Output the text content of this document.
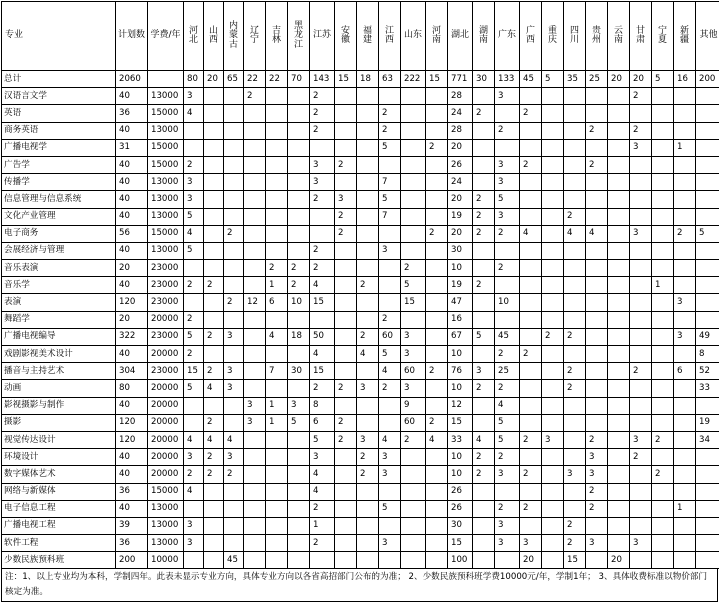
专业	计划数	学费/年	河北	山西	内蒙古	辽宁	吉林	黑龙江	江苏	安徽	福建	江西	山东	河南	湖北	湖南	广东	广西	重庆	四川	贵州	云南	甘肃	宁夏	新疆	其他
总计	2060		80	20	65	22	22	70	143	15	18	63	222	15	771	30	133	45	5	35	25	20	20	5	16	200
汉语言文学	40	13000	3			2			2						28		3						2			
英语	36	15000	4						2			2			24	2		2								
商务英语	40	13000							2			2			28		2				2		2			
广播电视学	31	15000										5		2	20								3		1	
广告学	40	15000	2						3	2					26		3	2			2					
传播学	40	13000	3						3			7			24		3									
信息管理与信息系统	40	13000	3						2	3		5			20	2	5									
文化产业管理	40	13000	5							2		7			19	2	3			2						
电子商务	56	15000	4		2					2				2	20	2	2	4		4	4		3		2	5
会展经济与管理	40	13000	5						2			3			30											
音乐表演	20	23000					2	2	2				2		10		2									
音乐学	40	23000	2	2			1	2	4		2		5		19	2								1		
表演	120	23000			2	12	6	10	15				15		47		10								3	
舞蹈学	20	20000	2									2			16											
广播电视编导	322	23000	5	2	3		4	18	50		2	60	3		67	5	45		2	2					3	49
戏剧影视美术设计	40	20000	2						4		4	5	3		10		2	2								8
播音与主持艺术	304	23000	15	2	3		7	30	15			4	60	2	76	3	25			2			2		6	52
动画	80	20000	5	4	3				2	2	3	2	3		10	2	2			2						33
影视摄影与制作	40	20000				3	1	3	8				9		12		4									
摄影	120	20000		2		3	1	5	6	2			60	2	15		5									19
视觉传达设计	120	20000	4	4	4				5	2	3	4	2	4	33	4	5	2	3		2		3	2		34
环境设计	40	20000	3	2	3				3		2	3			10	2	2				3		2			
数字媒体艺术	40	20000	2	2	2				4		2	3			10	2	3	2		3	3			2		
网络与新媒体	36	15000	4						4						26						2					
电子信息工程	40	13000							2			5			26		2	2			2				1	
广播电视工程	39	13000	3						1						30		3			2						
软件工程	36	13000	3						2			3			15		3	3		2	3		3			
少数民族预科班	200	10000			45										100			20		15		20				
注：1、以上专业均为本科，学制四年。此表未显示专业方向，具体专业方向以各省高招部门公布的为准； 2、少数民族预科班学费10000元/年，学制1年； 3、具体收费标准以物价部门核定为准。
